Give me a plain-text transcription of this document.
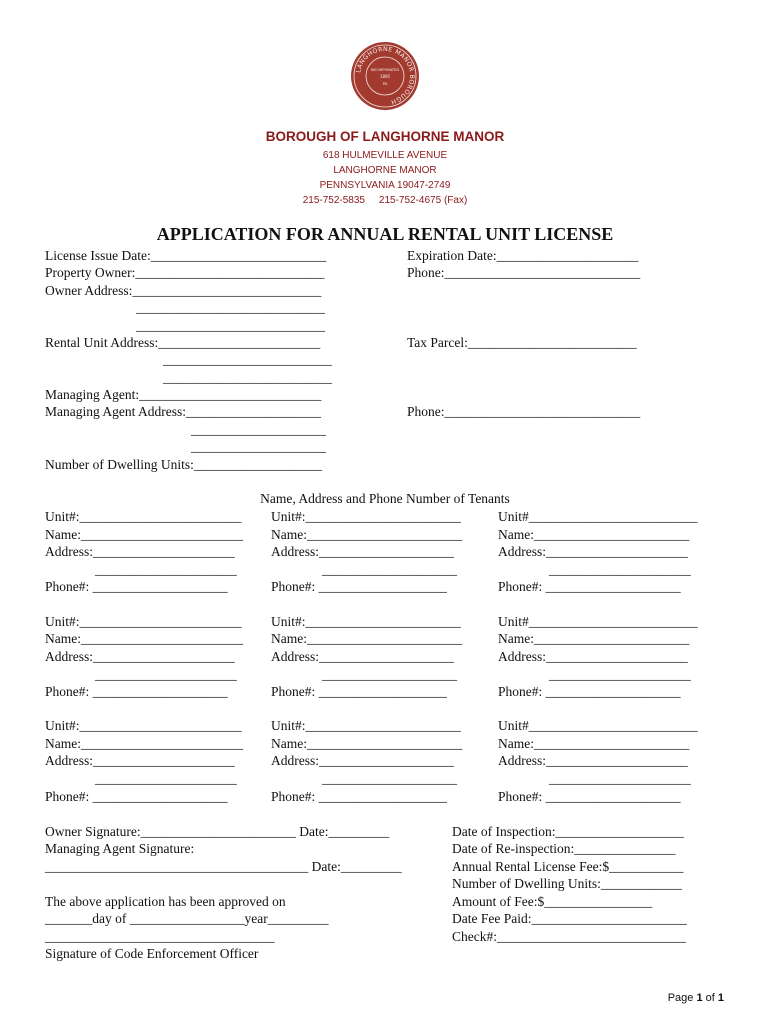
LANGHORNE MANOR BOROUGH
INCORPORATED
1895
PA
BOROUGH OF LANGHORNE MANOR
618 HULMEVILLE AVENUE
LANGHORNE MANOR
PENNSYLVANIA 19047-2749
215-752-5835     215-752-4675 (Fax)
APPLICATION FOR ANNUAL RENTAL UNIT LICENSE
License Issue Date:__________________________
Property Owner:____________________________
Owner Address:____________________________
____________________________
____________________________
Rental Unit Address:________________________
_________________________
_________________________
Managing Agent:___________________________
Managing Agent Address:____________________
____________________
____________________
Number of Dwelling Units:___________________
Expiration Date:_____________________
Phone:_____________________________
Tax Parcel:_________________________
Phone:_____________________________
Name, Address and Phone Number of Tenants
Unit#:________________________
Name:________________________
Address:_____________________
_____________________
Phone#: ____________________
Unit#:_______________________
Name:_______________________
Address:____________________
____________________
Phone#: ___________________
Unit#_________________________
Name:_______________________
Address:_____________________
_____________________
Phone#: ____________________
Unit#:________________________
Name:________________________
Address:_____________________
_____________________
Phone#: ____________________
Unit#:_______________________
Name:_______________________
Address:____________________
____________________
Phone#: ___________________
Unit#_________________________
Name:_______________________
Address:_____________________
_____________________
Phone#: ____________________
Unit#:________________________
Name:________________________
Address:_____________________
_____________________
Phone#: ____________________
Unit#:_______________________
Name:_______________________
Address:____________________
____________________
Phone#: ___________________
Unit#_________________________
Name:_______________________
Address:_____________________
_____________________
Phone#: ____________________
Owner Signature:_______________________ Date:_________
Managing Agent Signature:
_______________________________________ Date:_________
The above application has been approved on
_______day of _________________year_________
__________________________________
Signature of Code Enforcement Officer
Date of Inspection:___________________
Date of Re-inspection:_______________
Annual Rental License Fee:$___________
Number of Dwelling Units:____________
Amount of Fee:$________________
Date Fee Paid:_______________________
Check#:____________________________
Page 1 of 1
